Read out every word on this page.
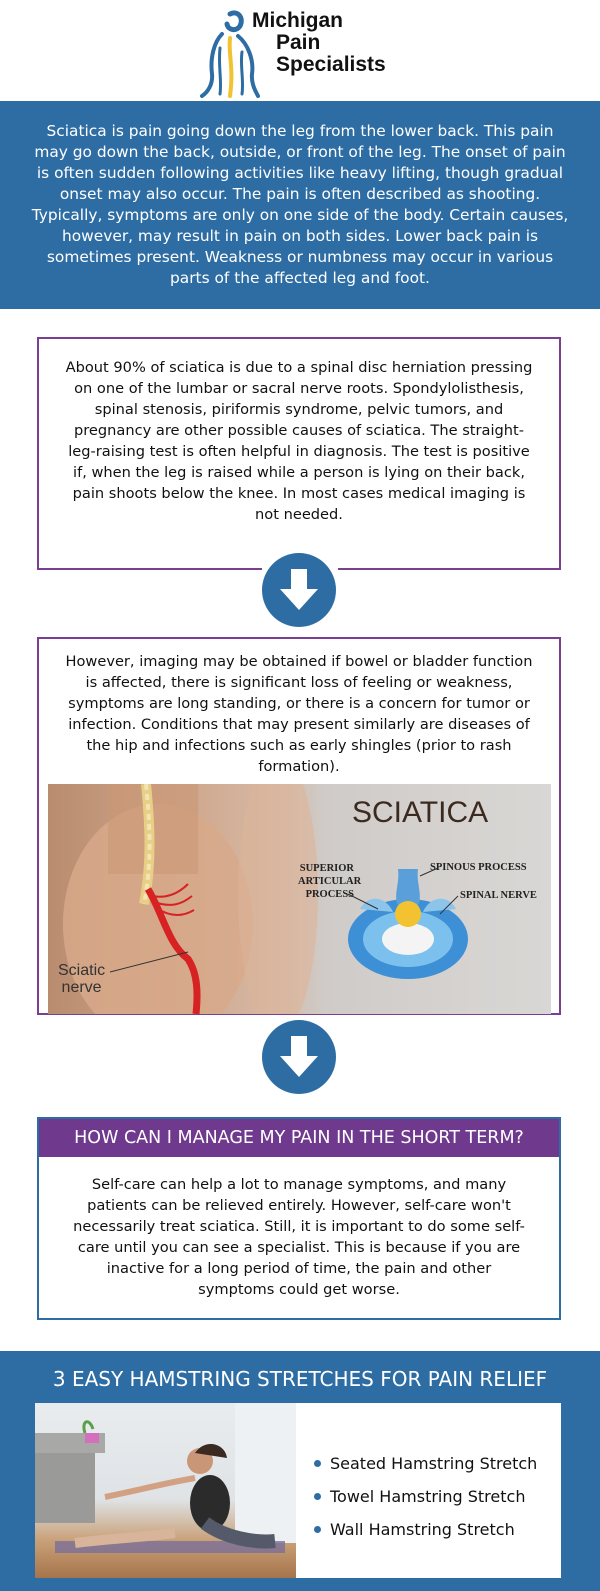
Michigan
Pain
Specialists
Sciatica is pain going down the leg from the lower back. This pain may go down the back, outside, or front of the leg. The onset of pain is often sudden following activities like heavy lifting, though gradual onset may also occur. The pain is often described as shooting. Typically, symptoms are only on one side of the body. Certain causes, however, may result in pain on both sides. Lower back pain is sometimes present. Weakness or numbness may occur in various parts of the affected leg and foot.
About 90% of sciatica is due to a spinal disc herniation pressing on one of the lumbar or sacral nerve roots. Spondylolisthesis, spinal stenosis, piriformis syndrome, pelvic tumors, and pregnancy are other possible causes of sciatica. The straight-leg-raising test is often helpful in diagnosis. The test is positive if, when the leg is raised while a person is lying on their back, pain shoots below the knee. In most cases medical imaging is not needed.
However, imaging may be obtained if bowel or bladder function is affected, there is significant loss of feeling or weakness, symptoms are long standing, or there is a concern for tumor or infection. Conditions that may present similarly are diseases of the hip and infections such as early shingles (prior to rash formation).
SCIATICA
SUPERIOR
ARTICULAR
PROCESS
SPINOUS PROCESS
SPINAL NERVE
Sciatic
nerve
HOW CAN I MANAGE MY PAIN IN THE SHORT TERM?
Self-care can help a lot to manage symptoms, and many patients can be relieved entirely. However, self-care won't necessarily treat sciatica. Still, it is important to do some self-care until you can see a specialist. This is because if you are inactive for a long period of time, the pain and other symptoms could get worse.
3 EASY HAMSTRING STRETCHES FOR PAIN RELIEF
Seated Hamstring Stretch
Towel Hamstring Stretch
Wall Hamstring Stretch
